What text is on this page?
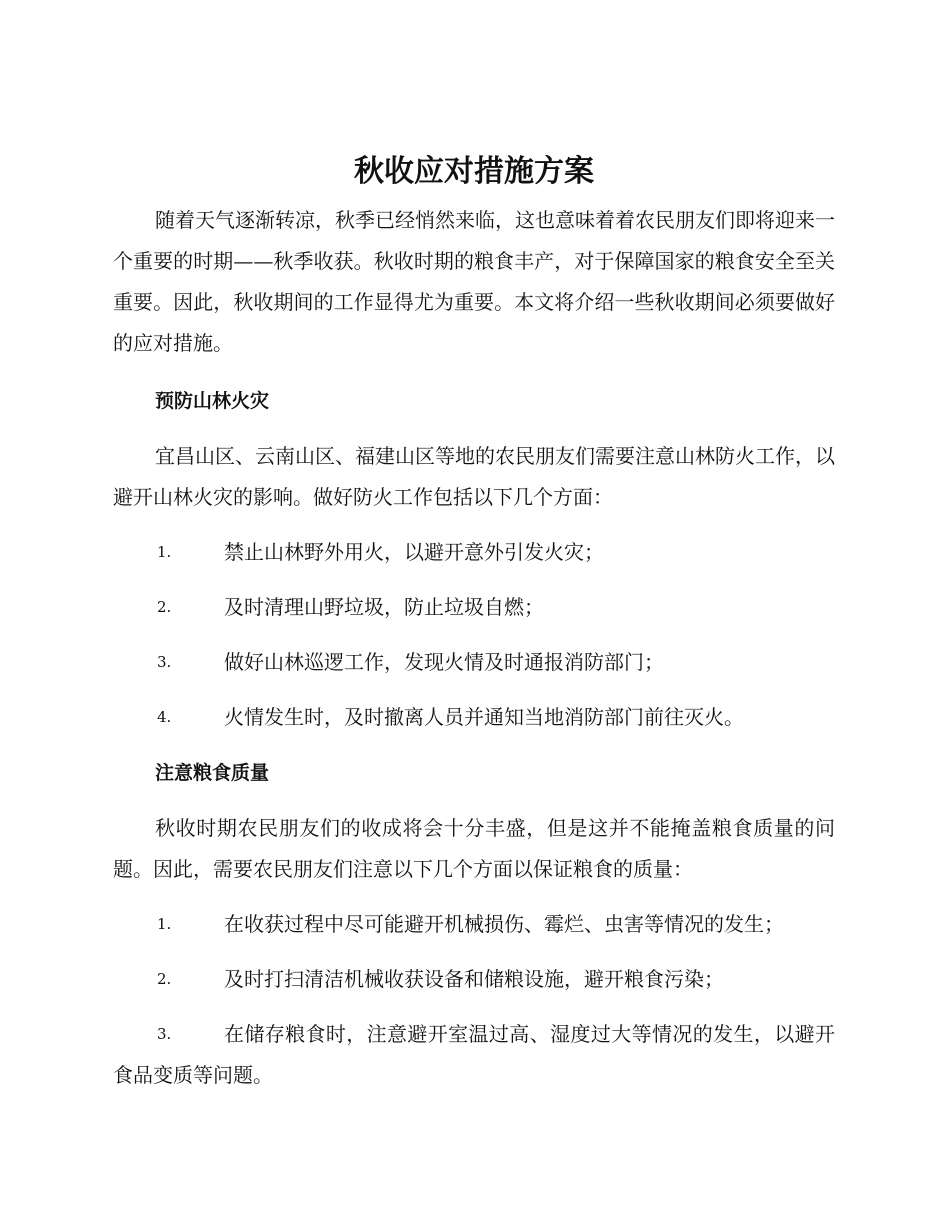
秋收应对措施方案

随着天气逐渐转凉，秋季已经悄然来临，这也意味着着农民朋友们即将迎来一个重要的时期——秋季收获。秋收时期的粮食丰产，对于保障国家的粮食安全至关重要。因此，秋收期间的工作显得尤为重要。本文将介绍一些秋收期间必须要做好的应对措施。

预防山林火灾

宜昌山区、云南山区、福建山区等地的农民朋友们需要注意山林防火工作，以避开山林火灾的影响。做好防火工作包括以下几个方面：

1.	禁止山林野外用火，以避开意外引发火灾；
2.	及时清理山野垃圾，防止垃圾自燃；
3.	做好山林巡逻工作，发现火情及时通报消防部门；
4.	火情发生时，及时撤离人员并通知当地消防部门前往灭火。
注意粮食质量

秋收时期农民朋友们的收成将会十分丰盛，但是这并不能掩盖粮食质量的问题。因此，需要农民朋友们注意以下几个方面以保证粮食的质量：

1.	在收获过程中尽可能避开机械损伤、霉烂、虫害等情况的发生；
2.	及时打扫清洁机械收获设备和储粮设施，避开粮食污染；
3.	在储存粮食时，注意避开室温过高、湿度过大等情况的发生，以避开食品变质等问题。
